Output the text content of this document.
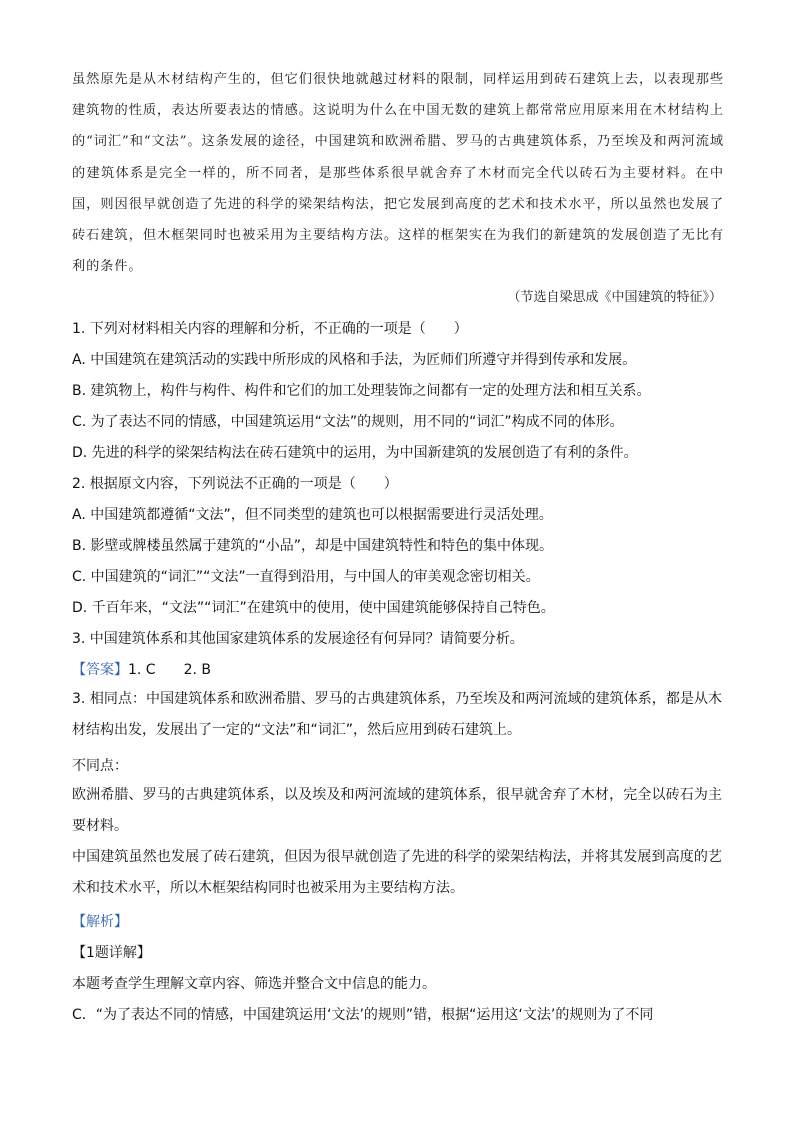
虽然原先是从木材结构产生的，但它们很快地就越过材料的限制，同样运用到砖石建筑上去，以表现那些建筑物的性质，表达所要表达的情感。这说明为什么在中国无数的建筑上都常常应用原来用在木材结构上的“词汇”和“文法”。这条发展的途径，中国建筑和欧洲希腊、罗马的古典建筑体系，乃至埃及和两河流域的建筑体系是完全一样的，所不同者，是那些体系很早就舍弃了木材而完全代以砖石为主要材料。在中国，则因很早就创造了先进的科学的梁架结构法，把它发展到高度的艺术和技术水平，所以虽然也发展了砖石建筑，但木框架同时也被采用为主要结构方法。这样的框架实在为我们的新建筑的发展创造了无比有利的条件。
（节选自梁思成《中国建筑的特征》）
1. 下列对材料相关内容的理解和分析，不正确的一项是（　　）
A. 中国建筑在建筑活动的实践中所形成的风格和手法，为匠师们所遵守并得到传承和发展。
B. 建筑物上，构件与构件、构件和它们的加工处理装饰之间都有一定的处理方法和相互关系。
C. 为了表达不同的情感，中国建筑运用“文法”的规则，用不同的“词汇”构成不同的体形。
D. 先进的科学的梁架结构法在砖石建筑中的运用，为中国新建筑的发展创造了有利的条件。
2. 根据原文内容，下列说法不正确的一项是（　　）
A. 中国建筑都遵循“文法”，但不同类型的建筑也可以根据需要进行灵活处理。
B. 影壁或牌楼虽然属于建筑的“小品”，却是中国建筑特性和特色的集中体现。
C. 中国建筑的“词汇”“文法”一直得到沿用，与中国人的审美观念密切相关。
D. 千百年来，“文法”“词汇”在建筑中的使用，使中国建筑能够保持自己特色。
3. 中国建筑体系和其他国家建筑体系的发展途径有何异同？请简要分析。
【答案】1. C　　2. B
3. 相同点：中国建筑体系和欧洲希腊、罗马的古典建筑体系，乃至埃及和两河流域的建筑体系，都是从木材结构出发，发展出了一定的“文法”和“词汇”，然后应用到砖石建筑上。
不同点：
欧洲希腊、罗马的古典建筑体系，以及埃及和两河流域的建筑体系，很早就舍弃了木材，完全以砖石为主要材料。
中国建筑虽然也发展了砖石建筑，但因为很早就创造了先进的科学的梁架结构法，并将其发展到高度的艺术和技术水平，所以木框架结构同时也被采用为主要结构方法。
【解析】
【1题详解】
本题考查学生理解文章内容、筛选并整合文中信息的能力。
C．“为了表达不同的情感，中国建筑运用‘文法’的规则”错，根据“运用这‘文法’的规则为了不同
